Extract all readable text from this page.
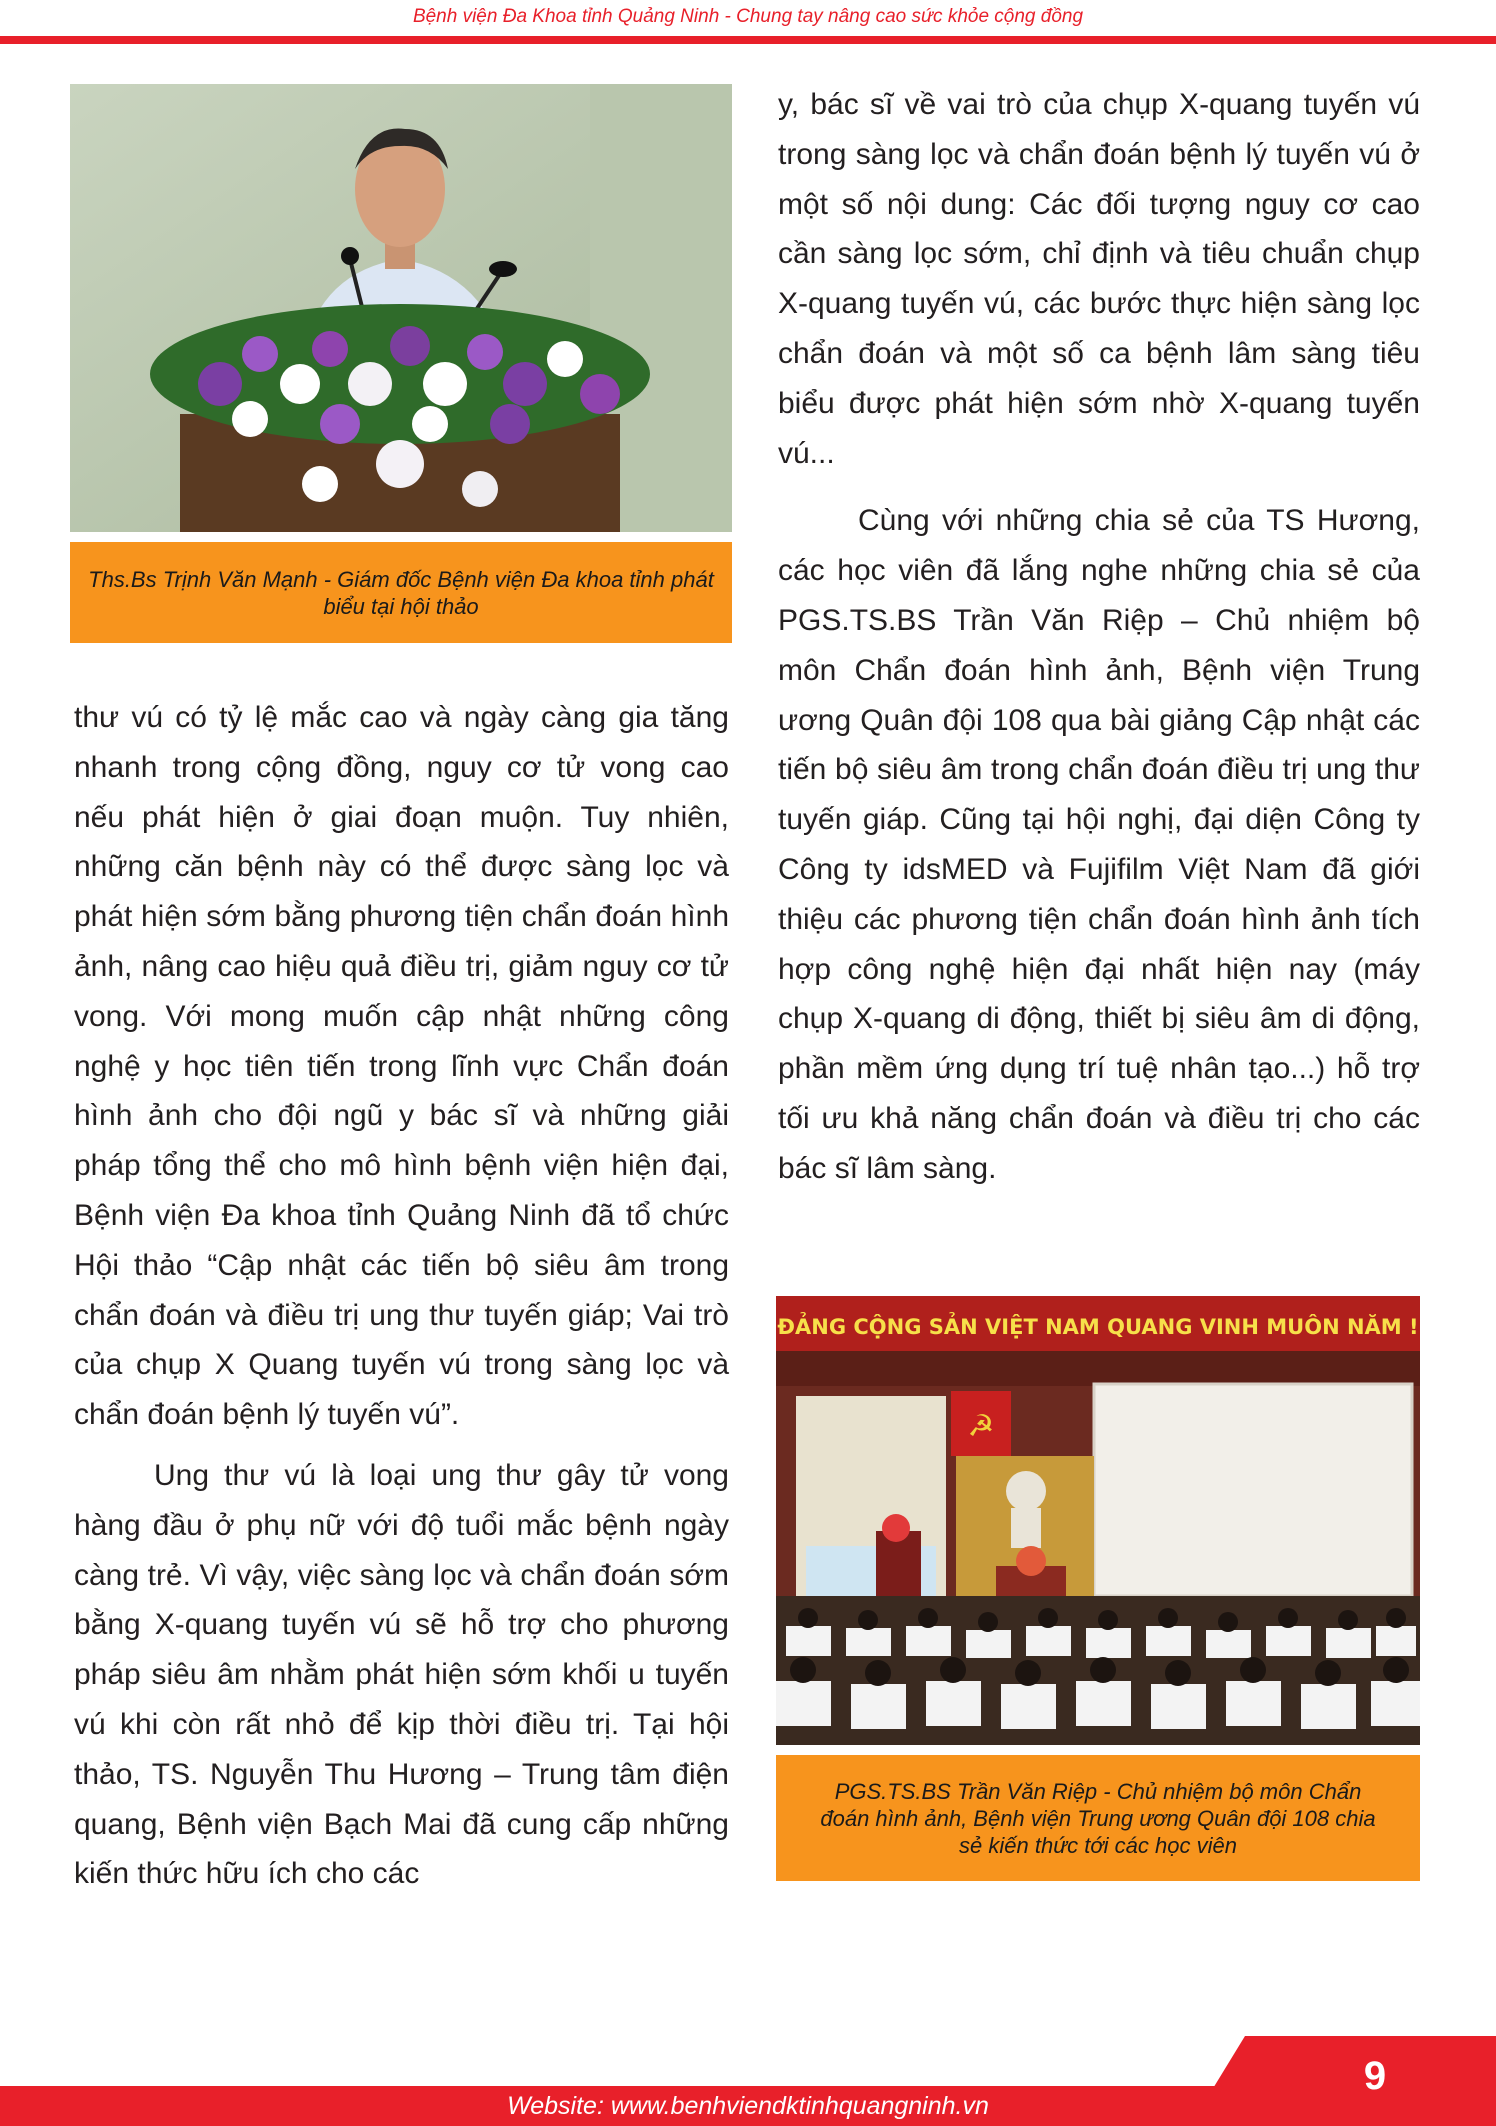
Bệnh viện Đa Khoa tỉnh Quảng Ninh - Chung tay nâng cao sức khỏe cộng đồng
Ths.Bs Trịnh Văn Mạnh - Giám đốc Bệnh viện Đa khoa tỉnh phát biểu tại hội thảo
ĐẢNG CỘNG SẢN VIỆT NAM QUANG VINH MUÔN NĂM !
☭
PGS.TS.BS Trần Văn Riệp - Chủ nhiệm bộ môn Chẩn đoán hình ảnh, Bệnh viện Trung ương Quân đội 108 chia sẻ kiến thức tới các học viên

thư vú có tỷ lệ mắc cao và ngày càng gia tăng nhanh trong cộng đồng, nguy cơ tử vong cao nếu phát hiện ở giai đoạn muộn. Tuy nhiên, những căn bệnh này có thể được sàng lọc và phát hiện sớm bằng phương tiện chẩn đoán hình ảnh, nâng cao hiệu quả điều trị, giảm nguy cơ tử vong. Với mong muốn cập nhật những công nghệ y học tiên tiến trong lĩnh vực Chẩn đoán hình ảnh cho đội ngũ y bác sĩ và những giải pháp tổng thể cho mô hình bệnh viện hiện đại, Bệnh viện Đa khoa tỉnh Quảng Ninh đã tổ chức Hội thảo “Cập nhật các tiến bộ siêu âm trong chẩn đoán và điều trị ung thư tuyến giáp; Vai trò của chụp X Quang tuyến vú trong sàng lọc và chẩn đoán bệnh lý tuyến vú”.

Ung thư vú là loại ung thư gây tử vong hàng đầu ở phụ nữ với độ tuổi mắc bệnh ngày càng trẻ. Vì vậy, việc sàng lọc và chẩn đoán sớm bằng X-quang tuyến vú sẽ hỗ trợ cho phương pháp siêu âm nhằm phát hiện sớm khối u tuyến vú khi còn rất nhỏ để kịp thời điều trị. Tại hội thảo, TS. Nguyễn Thu Hương – Trung tâm điện quang, Bệnh viện Bạch Mai đã cung cấp những kiến thức hữu ích cho các

y, bác sĩ về vai trò của chụp X-quang tuyến vú trong sàng lọc và chẩn đoán bệnh lý tuyến vú ở một số nội dung: Các đối tượng nguy cơ cao cần sàng lọc sớm, chỉ định và tiêu chuẩn chụp X-quang tuyến vú, các bước thực hiện sàng lọc chẩn đoán và một số ca bệnh lâm sàng tiêu biểu được phát hiện sớm nhờ X-quang tuyến vú...

Cùng với những chia sẻ của TS Hương, các học viên đã lắng nghe những chia sẻ của PGS.TS.BS Trần Văn Riệp – Chủ nhiệm bộ môn Chẩn đoán hình ảnh, Bệnh viện Trung ương Quân đội 108 qua bài giảng Cập nhật các tiến bộ siêu âm trong chẩn đoán điều trị ung thư tuyến giáp. Cũng tại hội nghị, đại diện Công ty Công ty idsMED và Fujifilm Việt Nam đã giới thiệu các phương tiện chẩn đoán hình ảnh tích hợp công nghệ hiện đại nhất hiện nay (máy chụp X-quang di động, thiết bị siêu âm di động, phần mềm ứng dụng trí tuệ nhân tạo...) hỗ trợ tối ưu khả năng chẩn đoán và điều trị cho các bác sĩ lâm sàng.

Website: www.benhviendktinhquangninh.vn
9
